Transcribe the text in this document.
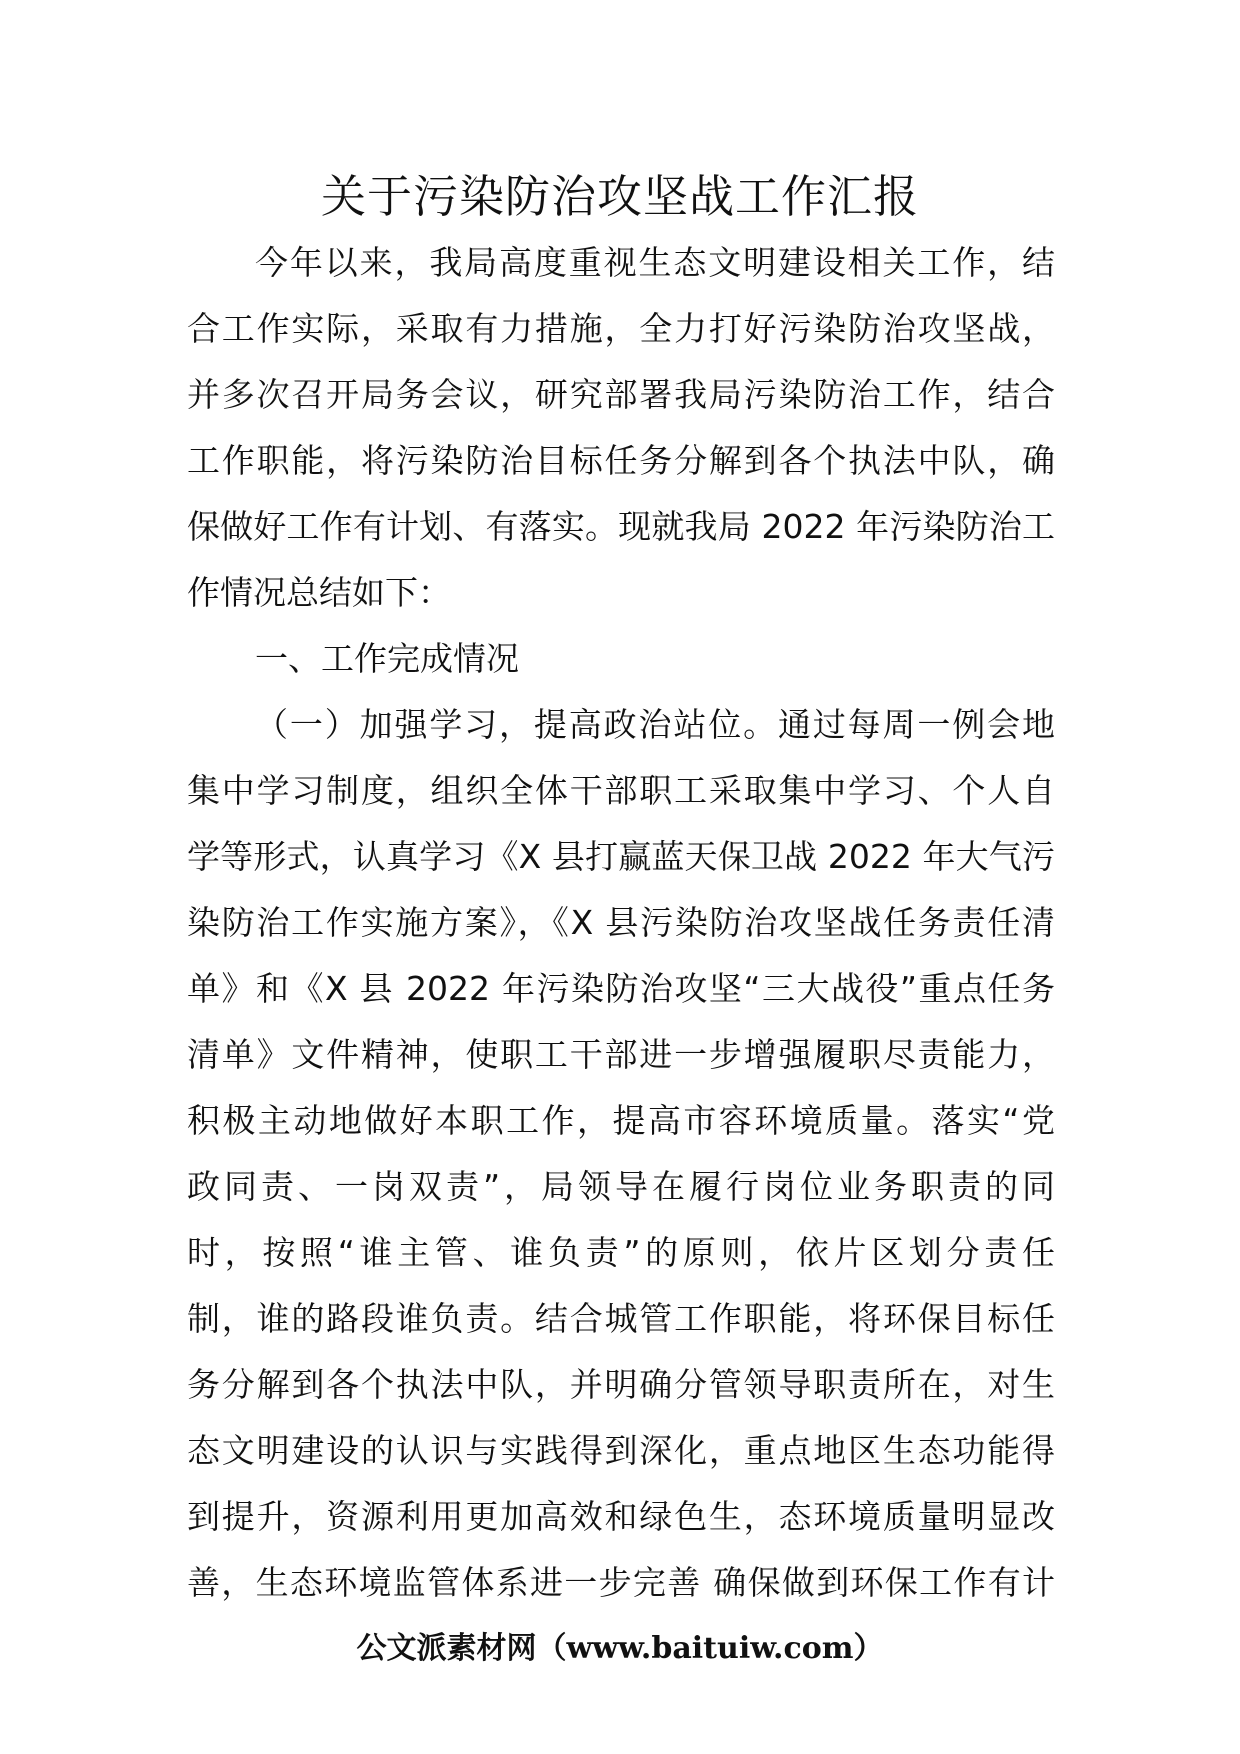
关于污染防治攻坚战工作汇报
今年以来，我局高度重视生态文明建设相关工作，结
合工作实际，采取有力措施，全力打好污染防治攻坚战，
并多次召开局务会议，研究部署我局污染防治工作，结合
工作职能，将污染防治目标任务分解到各个执法中队，确
保做好工作有计划、有落实。现就我局 2022 年污染防治工
作情况总结如下：
一、工作完成情况
（一）加强学习，提高政治站位。通过每周一例会地
集中学习制度，组织全体干部职工采取集中学习、个人自
学等形式，认真学习《X 县打赢蓝天保卫战 2022 年大气污
染防治工作实施方案》，《X 县污染防治攻坚战任务责任清
单》和《X 县 2022 年污染防治攻坚“三大战役”重点任务
清单》文件精神，使职工干部进一步增强履职尽责能力，
积极主动地做好本职工作，提高市容环境质量。落实“党
政同责、一岗双责”，局领导在履行岗位业务职责的同
时，按照“谁主管、谁负责”的原则，依片区划分责任
制，谁的路段谁负责。结合城管工作职能，将环保目标任
务分解到各个执法中队，并明确分管领导职责所在，对生
态文明建设的认识与实践得到深化，重点地区生态功能得
到提升，资源利用更加高效和绿色生，态环境质量明显改
善，生态环境监管体系进一步完善 确保做到环保工作有计
公文派素材网（www.baituiw.com）
